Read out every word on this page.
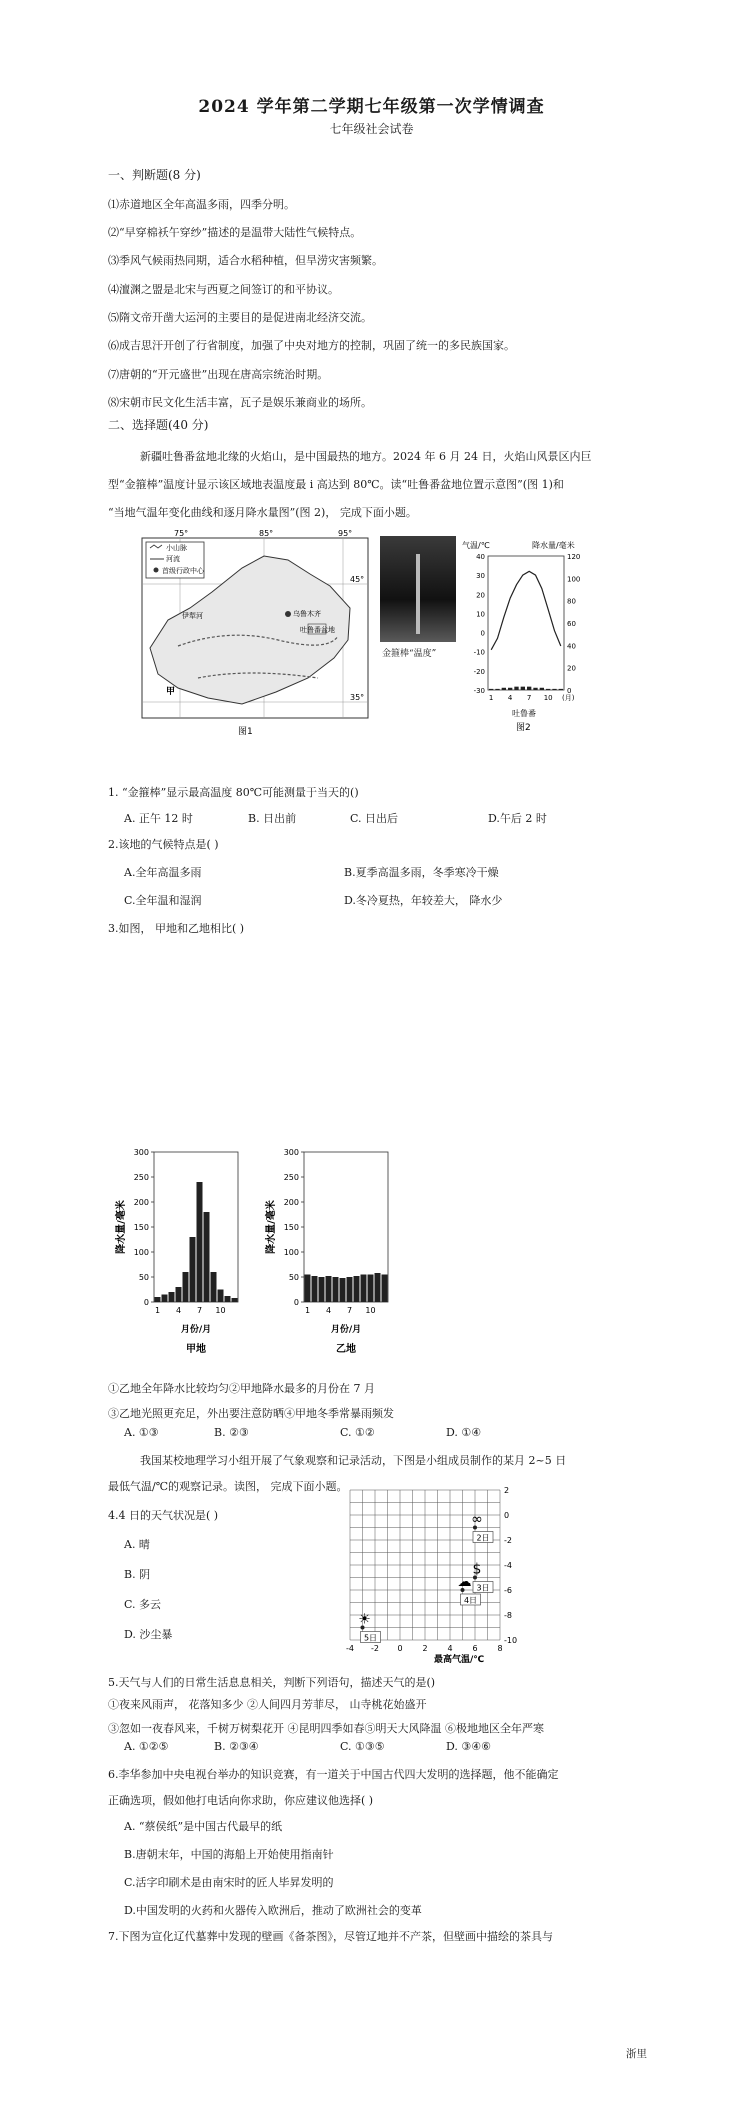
2024 学年第二学期七年级第一次学情调查
七年级社会试卷
一、判断题(8 分)
⑴赤道地区全年高温多雨，四季分明。
⑵“早穿棉袄午穿纱”描述的是温带大陆性气候特点。
⑶季风气候雨热同期，适合水稻种植，但旱涝灾害频繁。
⑷澶渊之盟是北宋与西夏之间签订的和平协议。
⑸隋文帝开凿大运河的主要目的是促进南北经济交流。
⑹成吉思汗开创了行省制度，加强了中央对地方的控制，巩固了统一的多民族国家。
⑺唐朝的“开元盛世”出现在唐高宗统治时期。
⑻宋朝市民文化生活丰富，瓦子是娱乐兼商业的场所。
二、选择题(40 分)
新疆吐鲁番盆地北缘的火焰山，是中国最热的地方。2024 年 6 月 24 日，火焰山风景区内巨
型“金箍棒”温度计显示该区域地表温度最 i 高达到 80℃。读“吐鲁番盆地位置示意图”(图 1)和
“当地气温年变化曲线和逐月降水量图”(图 2)， 完成下面小题。
75°	85°	95°
45°
35°
小山脉
河流
首级行政中心
乌鲁木齐
伊犁河
吐鲁番盆地
甲
图1
金箍棒“温度”
气温/℃	降水量/毫米
40
30
20
10
0
-10
-20
-30
120
100
80
60
40
20
0
1 4 7 10 (月)
吐鲁番
图2
1. “金箍棒”显示最高温度 80℃可能测量于当天的()
A. 正午 12 时	B. 日出前	C. 日出后	D.午后 2 时
2.该地的气候特点是( )
A.全年高温多雨	B.夏季高温多雨，冬季寒冷干燥
C.全年温和湿润	D.冬冷夏热，年较差大， 降水少
3.如图， 甲地和乙地相比( )
0
50
100
150
200
250
300
1 4 7 10
降水量/毫米
月份/月
甲地
0
50
100
150
200
250
300
1 4 7 10
降水量/毫米
月份/月
乙地
①乙地全年降水比较均匀②甲地降水最多的月份在 7 月
③乙地光照更充足，外出要注意防晒④甲地冬季常暴雨频发
A. ①③	B. ②③	C. ①②	D. ①④
我国某校地理学习小组开展了气象观察和记录活动，下图是小组成员制作的某月 2~5 日
最低气温/℃的观察记录。读图， 完成下面小题。
4.4 日的天气状况是( )
A. 晴
B. 阴
C. 多云
D. 沙尘暴
-4 -2 0 2 4 6 8
2
0
-2
-4
-6
-8
-10
∞
2日
$
3日
☁
4日
☀
5日
最高气温/℃
5.天气与人们的日常生活息息相关，判断下列语句，描述天气的是()
①夜来风雨声， 花落知多少 ②人间四月芳菲尽， 山寺桃花始盛开
③忽如一夜春风来，千树万树梨花开 ④昆明四季如春⑤明天大风降温 ⑥极地地区全年严寒
A. ①②⑤	B. ②③④	C. ①③⑤	D. ③④⑥
6.李华参加中央电视台举办的知识竞赛，有一道关于中国古代四大发明的选择题，他不能确定
正确选项，假如他打电话向你求助，你应建议他选择( )
A. “蔡侯纸”是中国古代最早的纸
B.唐朝末年，中国的海船上开始使用指南针
C.活字印刷术是由南宋时的匠人毕昇发明的
D.中国发明的火药和火器传入欧洲后，推动了欧洲社会的变革
7.下图为宣化辽代墓葬中发现的壁画《备茶图》，尽管辽地并不产茶，但壁画中描绘的茶具与
浙里
